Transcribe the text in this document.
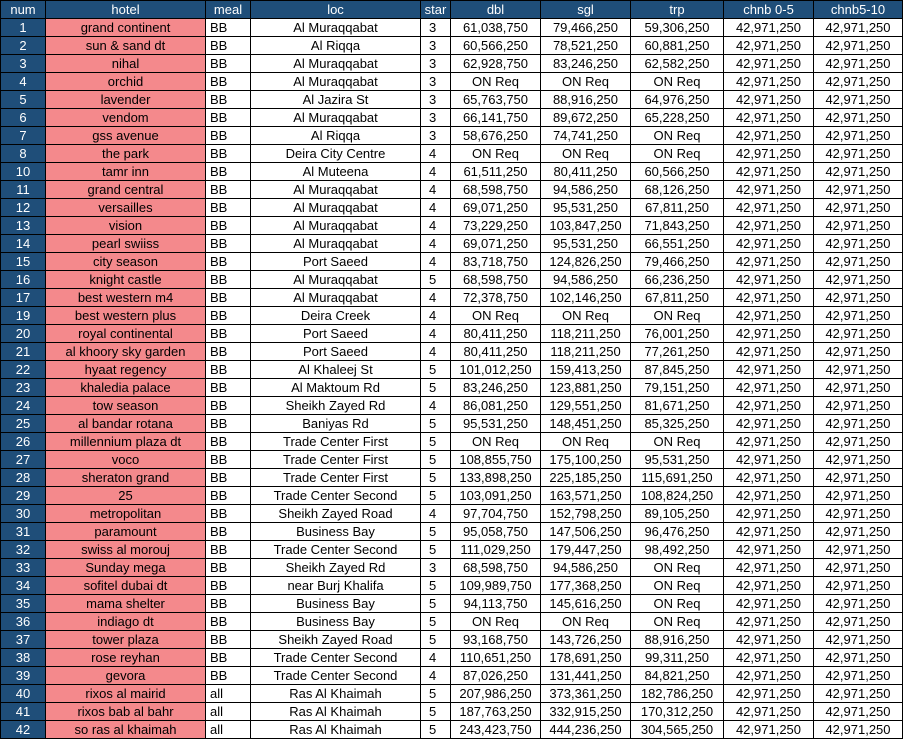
num	hotel	meal	loc	star	dbl	sgl	trp	chnb 0-5	chnb5-10
1	grand continent	BB	Al Muraqqabat	3	61,038,750	79,466,250	59,306,250	42,971,250	42,971,250
2	sun & sand dt	BB	Al Riqqa	3	60,566,250	78,521,250	60,881,250	42,971,250	42,971,250
3	nihal	BB	Al Muraqqabat	3	62,928,750	83,246,250	62,582,250	42,971,250	42,971,250
4	orchid	BB	Al Muraqqabat	3	ON Req	ON Req	ON Req	42,971,250	42,971,250
5	lavender	BB	Al Jazira St	3	65,763,750	88,916,250	64,976,250	42,971,250	42,971,250
6	vendom	BB	Al Muraqqabat	3	66,141,750	89,672,250	65,228,250	42,971,250	42,971,250
7	gss avenue	BB	Al Riqqa	3	58,676,250	74,741,250	ON Req	42,971,250	42,971,250
8	the park	BB	Deira City Centre	4	ON Req	ON Req	ON Req	42,971,250	42,971,250
10	tamr inn	BB	Al Muteena	4	61,511,250	80,411,250	60,566,250	42,971,250	42,971,250
11	grand central	BB	Al Muraqqabat	4	68,598,750	94,586,250	68,126,250	42,971,250	42,971,250
12	versailles	BB	Al Muraqqabat	4	69,071,250	95,531,250	67,811,250	42,971,250	42,971,250
13	vision	BB	Al Muraqqabat	4	73,229,250	103,847,250	71,843,250	42,971,250	42,971,250
14	pearl swiiss	BB	Al Muraqqabat	4	69,071,250	95,531,250	66,551,250	42,971,250	42,971,250
15	city season	BB	Port Saeed	4	83,718,750	124,826,250	79,466,250	42,971,250	42,971,250
16	knight castle	BB	Al Muraqqabat	5	68,598,750	94,586,250	66,236,250	42,971,250	42,971,250
17	best western m4	BB	Al Muraqqabat	4	72,378,750	102,146,250	67,811,250	42,971,250	42,971,250
19	best western plus	BB	Deira Creek	4	ON Req	ON Req	ON Req	42,971,250	42,971,250
20	royal continental	BB	Port Saeed	4	80,411,250	118,211,250	76,001,250	42,971,250	42,971,250
21	al khoory sky garden	BB	Port Saeed	4	80,411,250	118,211,250	77,261,250	42,971,250	42,971,250
22	hyaat regency	BB	Al Khaleej St	5	101,012,250	159,413,250	87,845,250	42,971,250	42,971,250
23	khaledia palace	BB	Al Maktoum Rd	5	83,246,250	123,881,250	79,151,250	42,971,250	42,971,250
24	tow season	BB	Sheikh Zayed Rd	4	86,081,250	129,551,250	81,671,250	42,971,250	42,971,250
25	al bandar rotana	BB	Baniyas Rd	5	95,531,250	148,451,250	85,325,250	42,971,250	42,971,250
26	millennium plaza dt	BB	Trade Center First	5	ON Req	ON Req	ON Req	42,971,250	42,971,250
27	voco	BB	Trade Center First	5	108,855,750	175,100,250	95,531,250	42,971,250	42,971,250
28	sheraton grand	BB	Trade Center First	5	133,898,250	225,185,250	115,691,250	42,971,250	42,971,250
29	25	BB	Trade Center Second	5	103,091,250	163,571,250	108,824,250	42,971,250	42,971,250
30	metropolitan	BB	Sheikh Zayed Road	4	97,704,750	152,798,250	89,105,250	42,971,250	42,971,250
31	paramount	BB	Business Bay	5	95,058,750	147,506,250	96,476,250	42,971,250	42,971,250
32	swiss al morouj	BB	Trade Center Second	5	111,029,250	179,447,250	98,492,250	42,971,250	42,971,250
33	Sunday mega	BB	Sheikh Zayed Rd	3	68,598,750	94,586,250	ON Req	42,971,250	42,971,250
34	sofitel dubai dt	BB	near Burj Khalifa	5	109,989,750	177,368,250	ON Req	42,971,250	42,971,250
35	mama shelter	BB	Business Bay	5	94,113,750	145,616,250	ON Req	42,971,250	42,971,250
36	indiago dt	BB	Business Bay	5	ON Req	ON Req	ON Req	42,971,250	42,971,250
37	tower plaza	BB	Sheikh Zayed Road	5	93,168,750	143,726,250	88,916,250	42,971,250	42,971,250
38	rose reyhan	BB	Trade Center Second	4	110,651,250	178,691,250	99,311,250	42,971,250	42,971,250
39	gevora	BB	Trade Center Second	4	87,026,250	131,441,250	84,821,250	42,971,250	42,971,250
40	rixos al mairid	all	Ras Al Khaimah	5	207,986,250	373,361,250	182,786,250	42,971,250	42,971,250
41	rixos bab al bahr	all	Ras Al Khaimah	5	187,763,250	332,915,250	170,312,250	42,971,250	42,971,250
42	so ras al khaimah	all	Ras Al Khaimah	5	243,423,750	444,236,250	304,565,250	42,971,250	42,971,250
